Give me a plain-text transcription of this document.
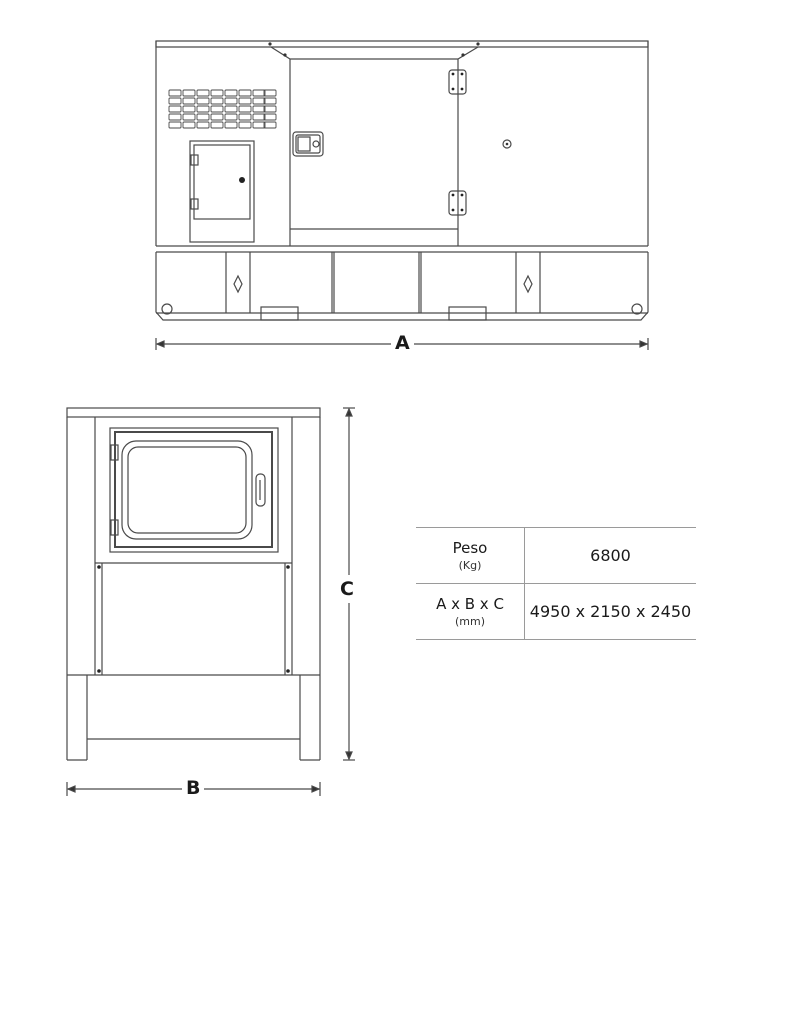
A
B
C
Peso
(Kg)	6800

A x B x C
(mm)	4950 x 2150 x 2450
